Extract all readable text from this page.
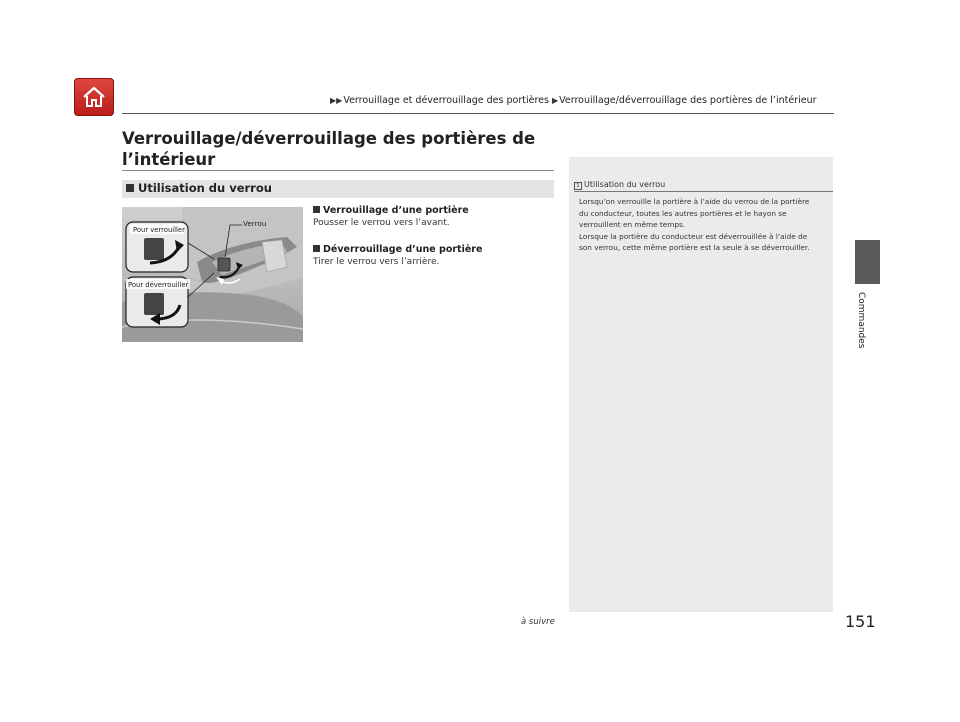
▶▶Verrouillage et déverrouillage des portières ▶Verrouillage/déverrouillage des portières de l’intérieur
Verrouillage/déverrouillage des portières de
l’intérieur
Utilisation du verrou
Pour verrouiller
Pour déverrouiller
Verrou
Verrouillage d’une portière
Pousser le verrou vers l’avant.
Déverrouillage d’une portière
Tirer le verrou vers l’arrière.
1 Utilisation du verrou

Lorsqu’on verrouille la portière à l’aide du verrou de la portière du conducteur, toutes les autres portières et le hayon se verrouillent en même temps.

Lorsque la portière du conducteur est déverrouillée à l’aide de son verrou, cette même portière est la seule à se déverrouiller.

Commandes
à suivre	151
